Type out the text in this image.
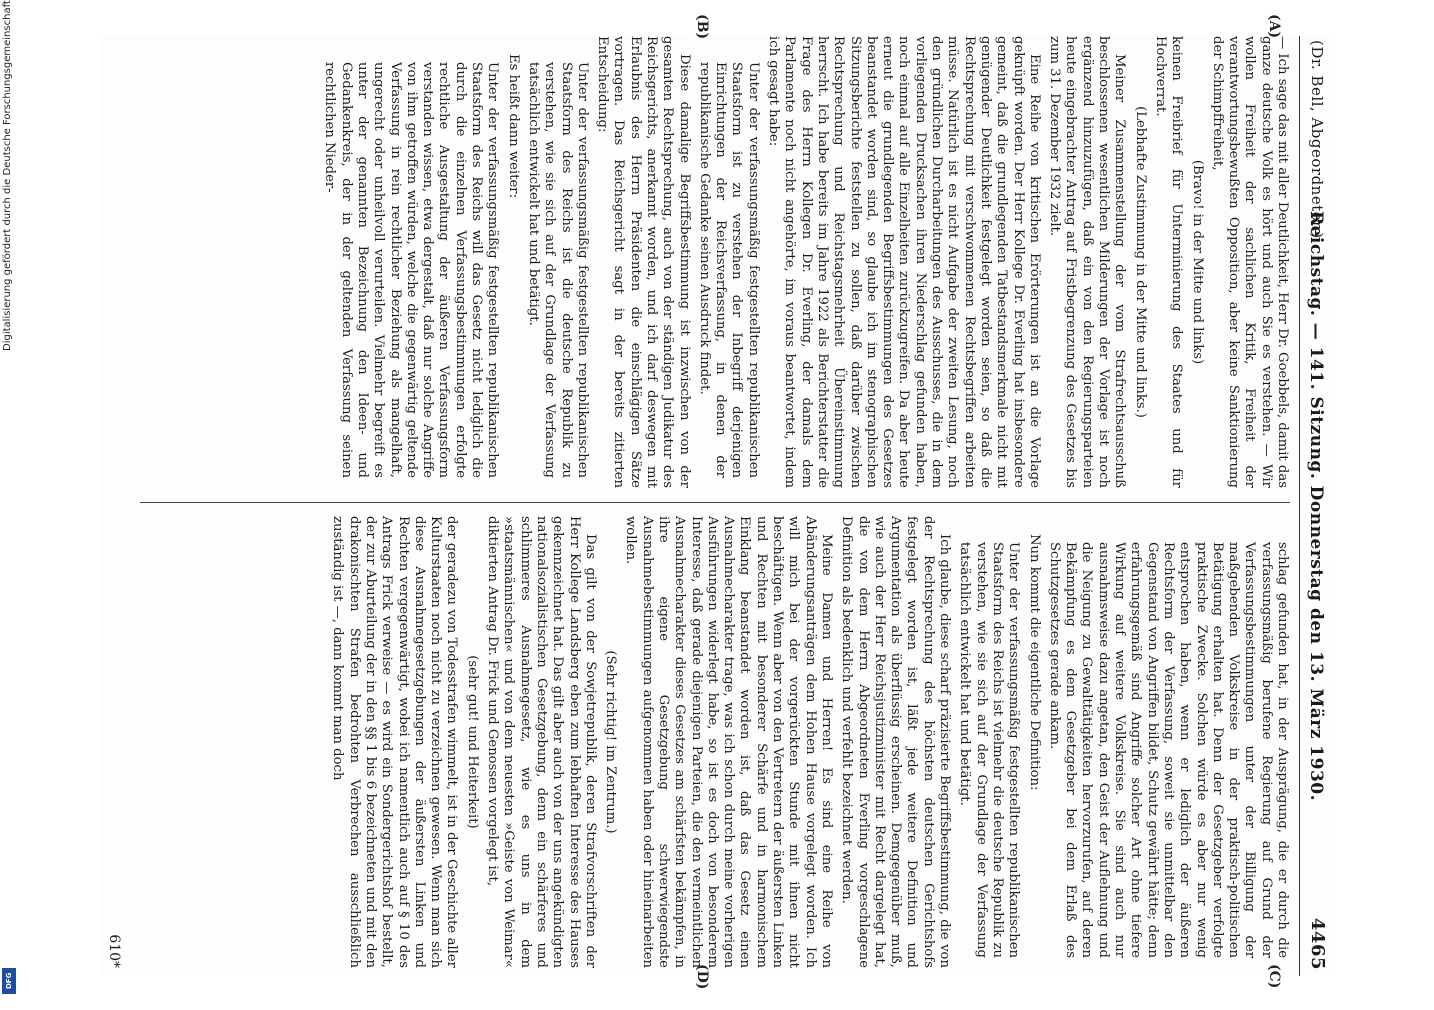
(Dr. Bell, Abgeordneter.)
Reichstag. — 141. Sitzung. Donnerstag den 13. März 1930.
4465
(A)
(B)
(C)
(D)

— Ich sage das mit aller Deutlichkeit, Herr Dr. Goebbels, damit das ganze deutsche Volk es hört und auch Sie es verstehen. — Wir wollen Freiheit der sachlichen Kritik, Freiheit der verantwortungsbewußten Opposition, aber keine Sanktionierung der Schimpffreiheit,

(Bravo! in der Mitte und links)

keinen Freibrief für Unterminierung des Staates und für Hochverrat.

(Lebhafte Zustimmung in der Mitte und links.)

Meiner Zusammenstellung der vom Strafrechtsausschuß beschlossenen wesentlichen Milderungen der Vorlage ist noch ergänzend hinzuzufügen, daß ein von den Regierungsparteien heute eingebrachter Antrag auf Fristbegrenzung des Gesetzes bis zum 31. Dezember 1932 zielt.

Eine Reihe von kritischen Erörterungen ist an die Vorlage geknüpft worden. Der Herr Kollege Dr. Everling hat insbesondere gemeint, daß die grundlegenden Tatbestandsmerkmale nicht mit genügender Deutlichkeit festgelegt worden seien, so daß die Rechtsprechung mit verschwommenen Rechtsbegriffen arbeiten müsse. Natürlich ist es nicht Aufgabe der zweiten Lesung, noch den gründlichen Durcharbeitungen des Ausschusses, die in dem vorliegenden Drucksachen ihren Niederschlag gefunden haben, noch einmal auf alle Einzelheiten zurückzugreifen. Da aber heute erneut die grundlegenden Begriffsbestimmungen des Gesetzes beanstandet worden sind, so glaube ich im stenographischen Sitzungsberichte feststellen zu sollen, daß darüber zwischen Rechtsprechung und Reichstagsmehrheit Übereinstimmung herrscht. Ich habe bereits im Jahre 1922 als Berichterstatter die Frage des Herrn Kollegen Dr. Everling, der damals dem Parlamente noch nicht angehörte, im voraus beantwortet, indem ich gesagt habe:

Unter der verfassungsmäßig festgestellten republikanischen Staatsform ist zu verstehen der Inbegriff derjenigen Einrichtungen der Reichsverfassung, in denen der republikanische Gedanke seinen Ausdruck findet.

Diese damalige Begriffsbestimmung ist inzwischen von der gesamten Rechtsprechung, auch von der ständigen Judikatur des Reichsgerichts, anerkannt worden, und ich darf deswegen mit Erlaubnis des Herrn Präsidenten die einschlägigen Sätze vortragen. Das Reichsgericht sagt in der bereits zitierten Entscheidung:

Unter der verfassungsmäßig festgestellten republikanischen Staatsform des Reichs ist die deutsche Republik zu verstehen, wie sie sich auf der Grundlage der Verfassung tatsächlich entwickelt hat und betätigt.

Es heißt dann weiter:

Unter der verfassungsmäßig festgestellten republikanischen Staatsform des Reichs will das Gesetz nicht lediglich die durch die einzelnen Verfassungsbestimmungen erfolgte rechtliche Ausgestaltung der äußeren Verfassungsform verstanden wissen, etwa dergestalt, daß nur solche Angriffe von ihm getroffen würden, welche die gegenwärtig geltende Verfassung in rein rechtlicher Beziehung als mangelhaft, ungerecht oder unheilvoll verurteilen. Vielmehr begreift es unter der genannten Bezeichnung den Ideen- und Gedankenkreis, der in der geltenden Verfassung seinen rechtlichen Nieder-

schlag gefunden hat, in der Ausprägung, die er durch die verfassungsmäßig berufene Regierung auf Grund der Verfassungsbestimmungen unter der Billigung der maßgebenden Volkskreise in der praktisch-politischen Betätigung erhalten hat. Denn der Gesetzgeber verfolgte praktische Zwecke. Solchen würde es aber nur wenig entsprochen haben, wenn er lediglich der äußeren Rechtsform der Verfassung, soweit sie unmittelbar den Gegenstand von Angriffen bildet, Schutz gewährt hätte; denn erfahrungsgemäß sind Angriffe solcher Art ohne tiefere Wirkung auf weitere Volkskreise. Sie sind auch nur ausnahmsweise dazu angetan, den Geist der Auflehnung und die Neigung zu Gewalttätigkeiten hervorzurufen, auf deren Bekämpfung es dem Gesetzgeber bei dem Erlaß des Schutzgesetzes gerade ankam.

Nun kommt die eigentliche Definition:

Unter der verfassungsmäßig festgestellten republikanischen Staatsform des Reichs ist vielmehr die deutsche Republik zu verstehen, wie sie sich auf der Grundlage der Verfassung tatsächlich entwickelt hat und betätigt.

Ich glaube, diese scharf präzisierte Begriffsbestimmung, die von der Rechtsprechung des höchsten deutschen Gerichtshofs festgelegt worden ist, läßt jede weitere Definition und Argumentation als überflüssig erscheinen. Demgegenüber muß, wie auch der Herr Reichsjustizminister mit Recht dargelegt hat, die von dem Herrn Abgeordneten Everling vorgeschlagene Definition als bedenklich und verfehlt bezeichnet werden.

Meine Damen und Herren! Es sind eine Reihe von Abänderungsanträgen dem Hohen Hause vorgelegt worden. Ich will mich bei der vorgerückten Stunde mit ihnen nicht beschäftigen. Wenn aber von den Vertretern der äußersten Linken und Rechten mit besonderer Schärfe und in harmonischem Einklang beanstandet worden ist, daß das Gesetz einen Ausnahmecharakter trage, was ich schon durch meine vorherigen Ausführungen widerlegt habe, so ist es doch von besonderem Interesse, daß gerade diejenigen Parteien, die den vermeintlichen Ausnahmecharakter dieses Gesetzes am schärfsten bekämpfen, in ihre eigene Gesetzgebung schwerwiegendste Ausnahmebestimmungen aufgenommen haben oder hineinarbeiten wollen.

(Sehr richtig! im Zentrum.)

Das gilt von der Sowjetrepublik, deren Strafvorschriften der Herr Kollege Landsberg eben zum lebhaften Interesse des Hauses gekennzeichnet hat. Das gilt aber auch von der uns angekündigten nationalsozialistischen Gesetzgebung, denn ein schärferes und schlimmeres Ausnahmegesetz, wie es uns in dem »staatsmännischen« und von dem neuesten »Geiste von Weimar« diktierten Antrag Dr. Frick und Genossen vorgelegt ist,

(sehr gut! und Heiterkeit)

der geradezu von Todesstrafen wimmelt, ist in der Geschichte aller Kulturstaaten noch nicht zu verzeichnen gewesen. Wenn man sich diese Ausnahmegesetzgebungen der äußersten Linken und Rechten vergegenwärtigt, wobei ich namentlich auch auf § 10 des Antrags Frick verweise — es wird ein Sondergerichtshof bestellt, der zur Aburteilung der in den §§ 1 bis 6 bezeichneten und mit den drakonischten Strafen bedrohten Verbrechen ausschließlich zuständig ist —, dann kommt man doch

610*
Digitalisierung gefördert durch die Deutsche Forschungsgemeinschaft
DFG
